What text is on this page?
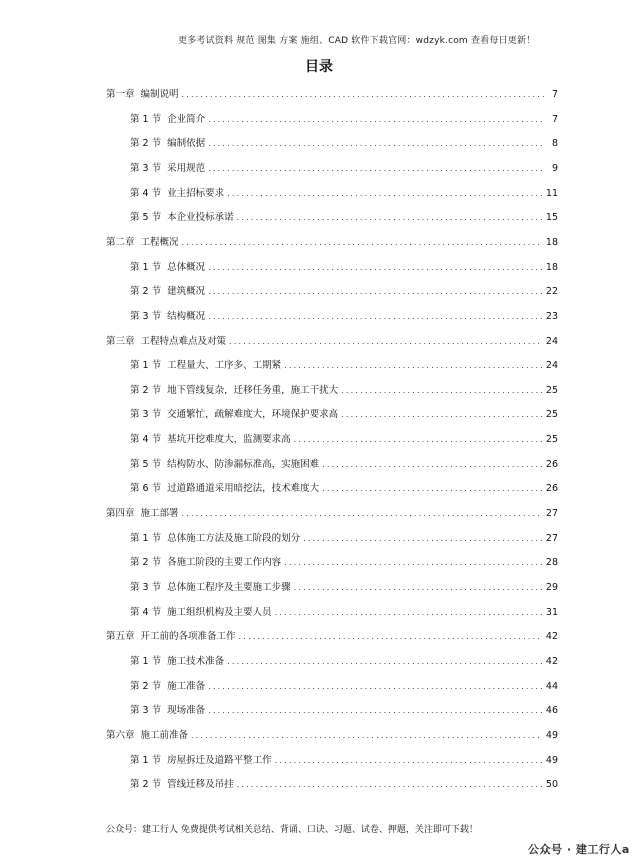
更多考试资料 规范 图集 方案 施组、CAD 软件下载官网：wdzyk.com 查看每日更新！
目录
第一章 编制说明 .....	7
第 1 节 企业简介 .....	7
第 2 节 编制依据 .....	8
第 3 节 采用规范 .....	9
第 4 节 业主招标要求 .....	11
第 5 节 本企业投标承诺 .....	15
第二章 工程概况 .....	18
第 1 节 总体概况 .....	18
第 2 节 建筑概况 .....	22
第 3 节 结构概况 .....	23
第三章 工程特点难点及对策 .....	24
第 1 节 工程量大、工序多、工期紧 .....	24
第 2 节 地下管线复杂，迁移任务重，施工干扰大 .....	25
第 3 节 交通繁忙，疏解难度大，环境保护要求高 .....	25
第 4 节 基坑开挖难度大，监测要求高 .....	25
第 5 节 结构防水、防渗漏标准高，实施困难 .....	26
第 6 节 过道路通道采用暗挖法，技术难度大 .....	26
第四章 施工部署 .....	27
第 1 节 总体施工方法及施工阶段的划分 .....	27
第 2 节 各施工阶段的主要工作内容 .....	28
第 3 节 总体施工程序及主要施工步骤 .....	29
第 4 节 施工组织机构及主要人员 .....	31
第五章 开工前的各项准备工作 .....	42
第 1 节 施工技术准备 .....	42
第 2 节 施工准备 .....	44
第 3 节 现场准备 .....	46
第六章 施工前准备 .....	49
第 1 节 房屋拆迁及道路平整工作 .....	49
第 2 节 管线迁移及吊挂 .....	50
公众号：建工行人 免费提供考试相关总结、背诵、口诀、习题、试卷、押题，关注即可下载！
公众号 · 建工行人a
